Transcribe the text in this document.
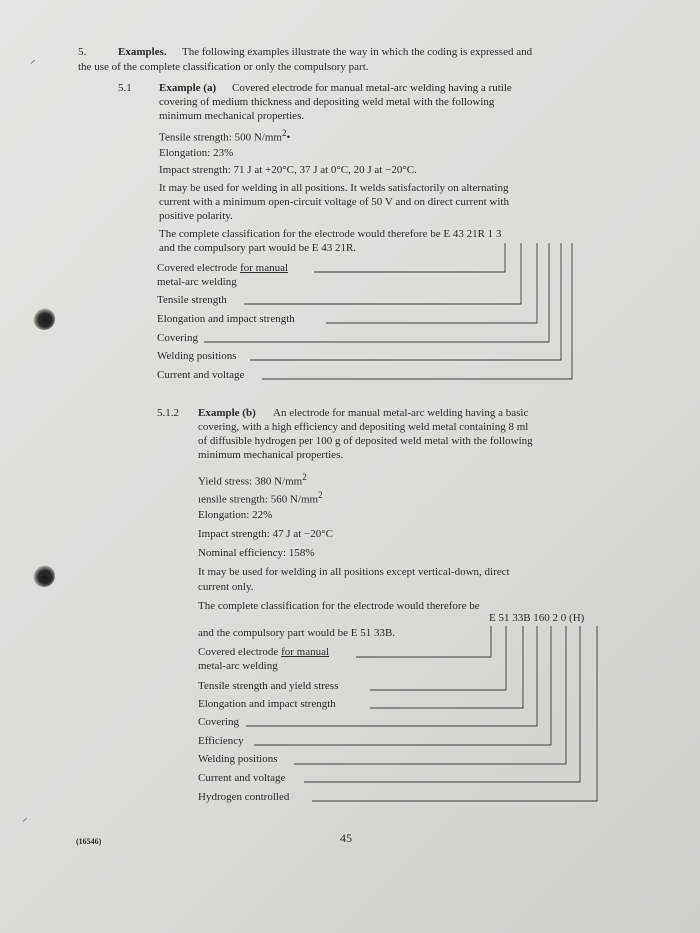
⸝
⸝
5.	Examples. The following examples illustrate the way in which the coding is expressed and
the use of the complete classification or only the compulsory part.
5.1 Example (a) Covered electrode for manual metal-arc welding having a rutile
covering of medium thickness and depositing weld metal with the following
minimum mechanical properties.
Tensile strength: 500 $N/mm^2•$
Elongation: 23%
Impact strength: 71 J at +20°C, 37 J at 0°C, 20 J at −20°C.
It may be used for welding in all positions. It welds satisfactorily on alternating
current with a minimum open-circuit voltage of 50 V and on direct current with
positive polarity.
The complete classification for the electrode would therefore be E 43 21R 1 3
and the compulsory part would be E 43 21R.
Covered electrode for manual
metal-arc welding
Tensile strength
Elongation and impact strength
Covering
Welding positions
Current and voltage
5.1.2 Example (b) An electrode for manual metal-arc welding having a basic
covering, with a high efficiency and depositing weld metal containing 8 ml
of diffusible hydrogen per 100 g of deposited weld metal with the following
minimum mechanical properties.
Yield stress: 380 $N/mm^2$
ıensile strength: 560 $N/mm^2$
Elongation: 22%
Impact strength: 47 J at −20°C
Nominal efficiency: 158%
It may be used for welding in all positions except vertical-down, direct
current only.
The complete classification for the electrode would therefore be
E 51 33B 160 2 0 (H)
and the compulsory part would be E 51 33B.
Covered electrode for manual
metal-arc welding
Tensile strength and yield stress
Elongation and impact strength
Covering
Efficiency
Welding positions
Current and voltage
Hydrogen controlled
(16546)	45
